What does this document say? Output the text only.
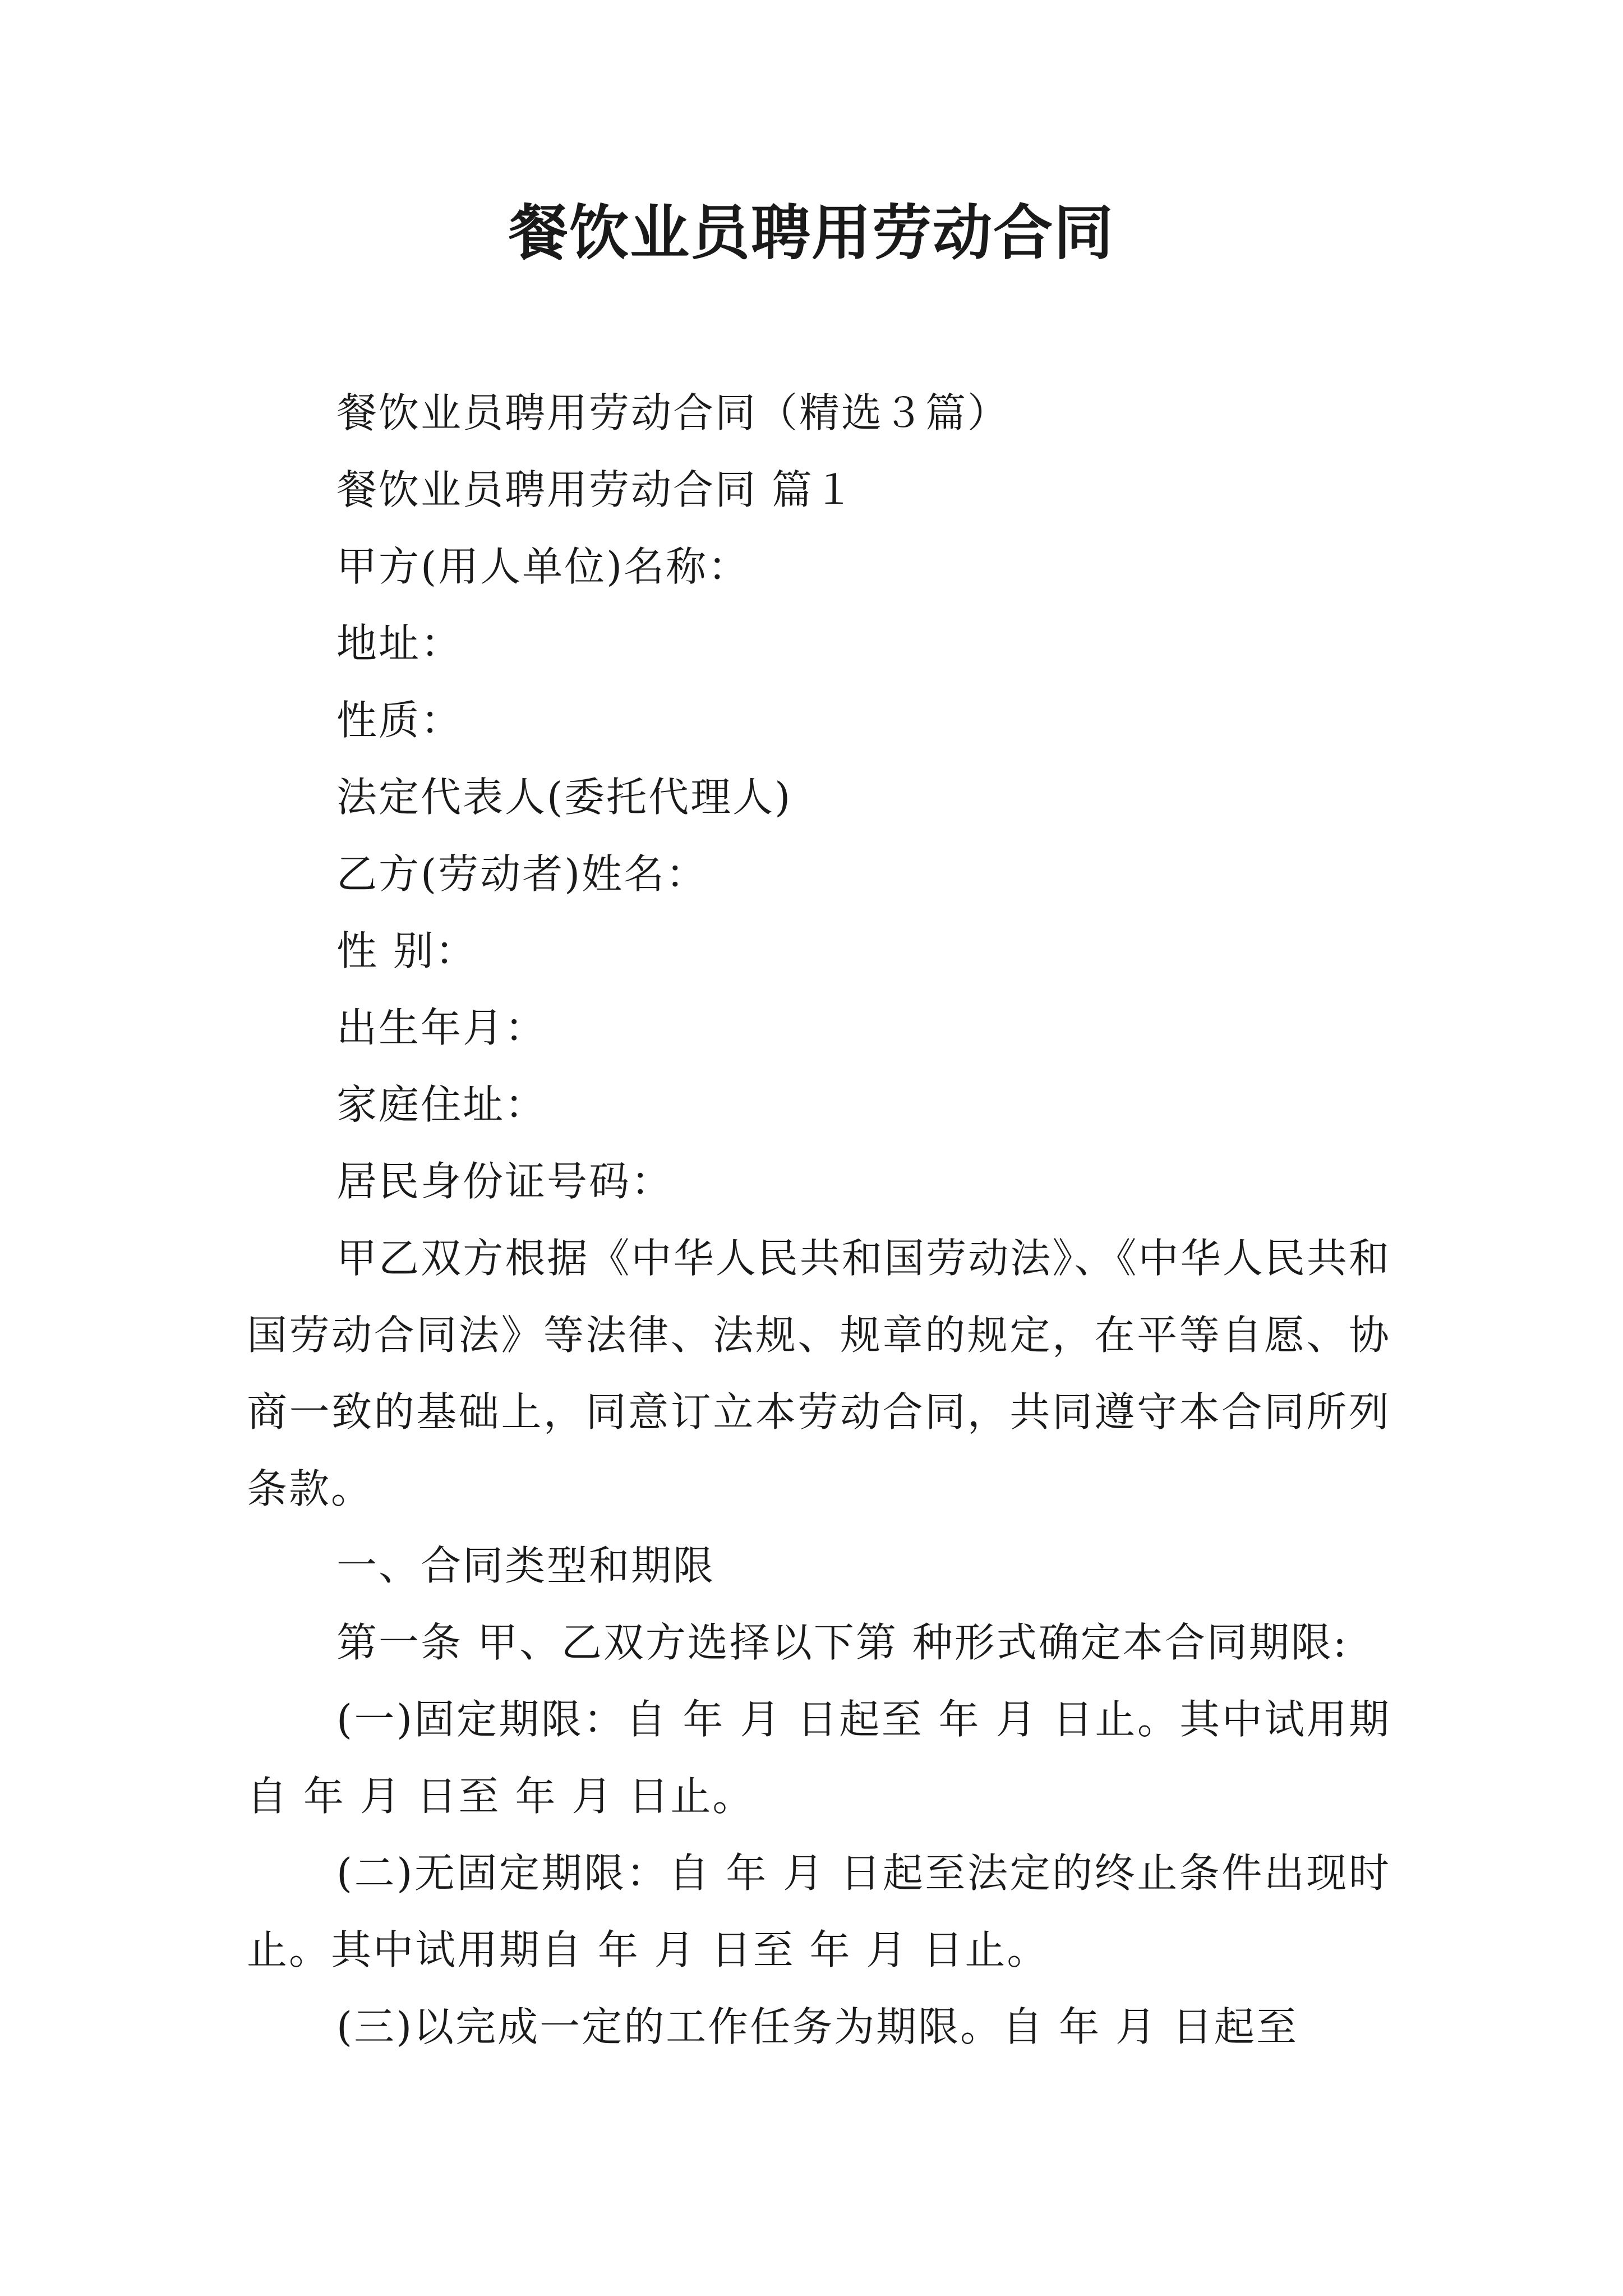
餐饮业员聘用劳动合同

餐饮业员聘用劳动合同（精选３篇）

餐饮业员聘用劳动合同 篇１

甲方(用人单位)名称：

地址：

性质：

法定代表人(委托代理人)

乙方(劳动者)姓名：

性 别：

出生年月：

家庭住址：

居民身份证号码：

甲乙双方根据《中华人民共和国劳动法》、《中华人民共和国劳动合同法》等法律、法规、规章的规定，在平等自愿、协商一致的基础上，同意订立本劳动合同，共同遵守本合同所列条款。

一、合同类型和期限

第一条 甲、乙双方选择以下第 种形式确定本合同期限:

(一)固定期限：自 年 月 日起至 年 月 日止。其中试用期自 年 月 日至 年 月 日止。

(二)无固定期限：自 年 月 日起至法定的终止条件出现时止。其中试用期自 年 月 日至 年 月 日止。

(三)以完成一定的工作任务为期限。自 年 月 日起至
